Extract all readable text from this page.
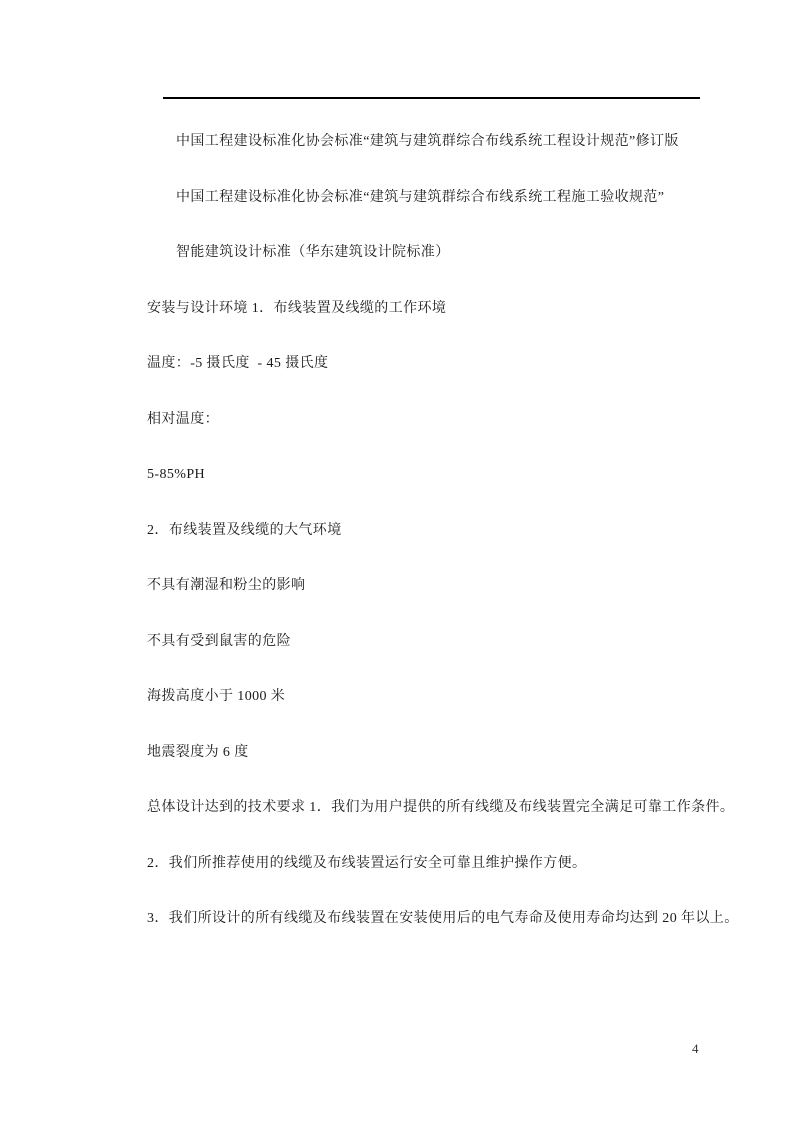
中国工程建设标准化协会标准“建筑与建筑群综合布线系统工程设计规范”修订版

中国工程建设标准化协会标准“建筑与建筑群综合布线系统工程施工验收规范”

智能建筑设计标准（华东建筑设计院标准）

安装与设计环境 1．布线装置及线缆的工作环境

温度：-5 摄氏度  - 45 摄氏度

相对温度：

5-85%PH

2．布线装置及线缆的大气环境

不具有潮湿和粉尘的影响

不具有受到鼠害的危险

海拨高度小于 1000 米

地震裂度为 6 度

总体设计达到的技术要求 1．我们为用户提供的所有线缆及布线装置完全满足可靠工作条件。

2．我们所推荐使用的线缆及布线装置运行安全可靠且维护操作方便。

3．我们所设计的所有线缆及布线装置在安装使用后的电气寿命及使用寿命均达到 20 年以上。

4
